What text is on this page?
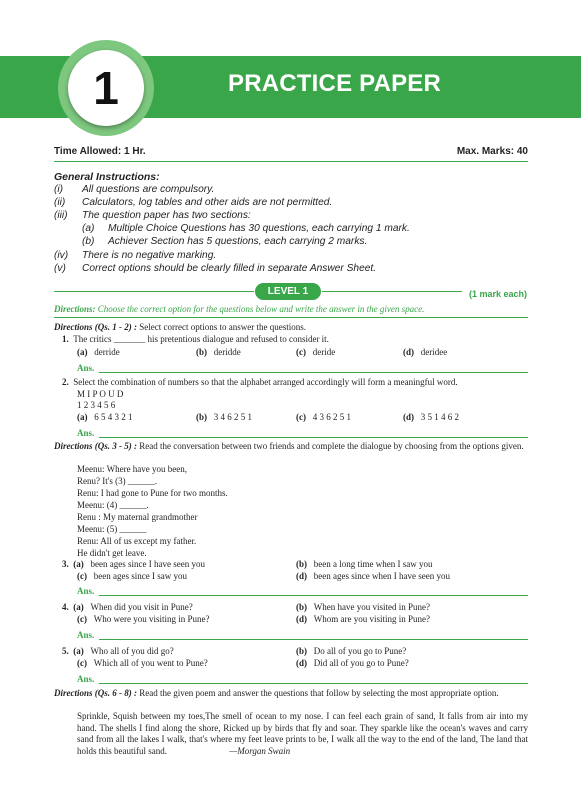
PRACTICE PAPER
1
Time Allowed: 1 Hr.	Max. Marks: 40
General Instructions:
(i) All questions are compulsory.
(ii) Calculators, log tables and other aids are not permitted.
(iii) The question paper has two sections:
(a) Multiple Choice Questions has 30 questions, each carrying 1 mark.
(b) Achiever Section has 5 questions, each carrying 2 marks.
(iv) There is no negative marking.
(v) Correct options should be clearly filled in separate Answer Sheet.
LEVEL 1	(1 mark each)
Directions: Choose the correct option for the questions below and write the answer in the given space.
Directions (Qs. 1 - 2) : Select correct options to answer the questions.
1. The critics _______ his pretentious dialogue and refused to consider it.
(a) derride	(b) deridde	(c) deride	(d) deridee
Ans.
2. Select the combination of numbers so that the alphabet arranged accordingly will form a meaningful word.
M I P O U D
1 2 3 4 5 6
(a) 6 5 4 3 2 1	(b) 3 4 6 2 5 1	(c) 4 3 6 2 5 1	(d) 3 5 1 4 6 2
Ans.
Directions (Qs. 3 - 5) : Read the conversation between two friends and complete the dialogue by choosing from the options given.
Meenu: Where have you been,
Renu? It's (3) ______.
Renu: I had gone to Pune for two months.
Meenu: (4) ______.
Renu : My maternal grandmother
Meenu: (5) ______
Renu: All of us except my father.
He didn't get leave.
3. (a) been ages since I have seen you	(b) been a long time when I saw you
(c) been ages since I saw you	(d) been ages since when I have seen you
Ans.
4. (a) When did you visit in Pune?	(b) When have you visited in Pune?
(c) Who were you visiting in Pune?	(d) Whom are you visiting in Pune?
Ans.
5. (a) Who all of you did go?	(b) Do all of you go to Pune?
(c) Which all of you went to Pune?	(d) Did all of you go to Pune?
Ans.
Directions (Qs. 6 - 8) : Read the given poem and answer the questions that follow by selecting the most appropriate option.
Sprinkle, Squish between my toes,The smell of ocean to my nose. I can feel each grain of sand, It falls from air into my hand. The shells I find along the shore, Ricked up by birds that fly and soar. They sparkle like the ocean's waves and carry sand from all the lakes I walk, that's where my feet leave prints to be, I walk all the way to the end of the land, The land that holds this beautiful sand.	—Morgan Swain
